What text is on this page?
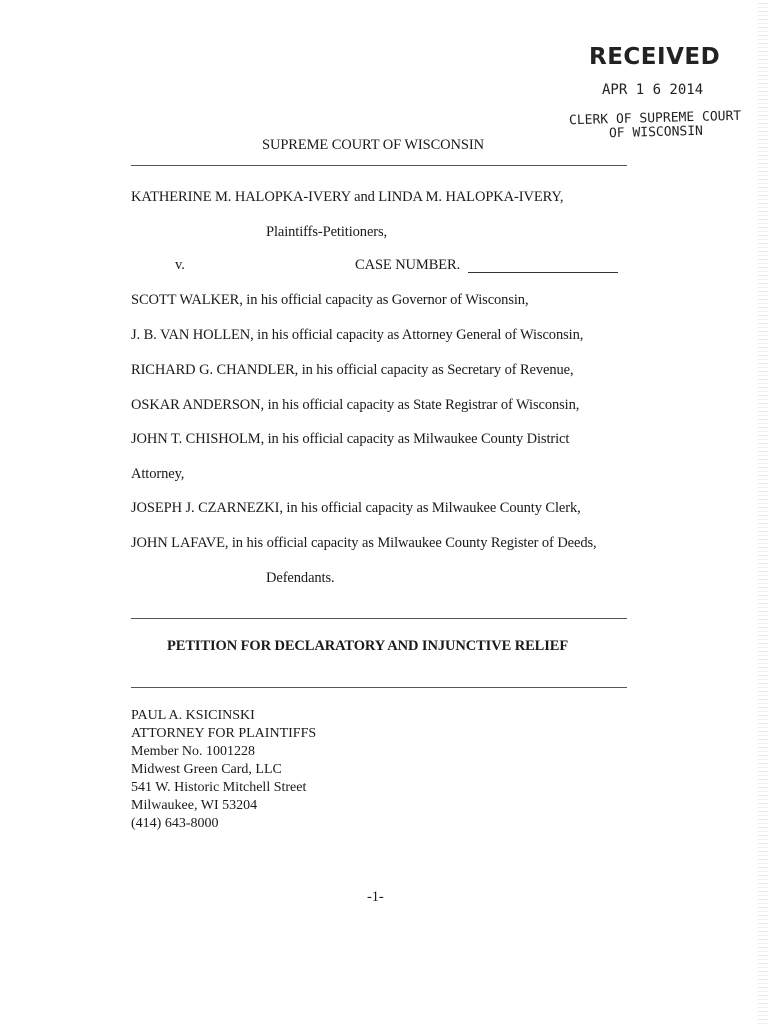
RECEIVED
APR 1 6 2014
CLERK OF SUPREME COURT
OF WISCONSIN
SUPREME COURT OF WISCONSIN
KATHERINE M. HALOPKA-IVERY and LINDA M. HALOPKA-IVERY,
Plaintiffs-Petitioners,
v.	CASE NUMBER.
SCOTT WALKER, in his official capacity as Governor of Wisconsin,
J. B. VAN HOLLEN, in his official capacity as Attorney General of Wisconsin,
RICHARD G. CHANDLER, in his official capacity as Secretary of Revenue,
OSKAR ANDERSON, in his official capacity as State Registrar of Wisconsin,
JOHN T. CHISHOLM, in his official capacity as Milwaukee County District
Attorney,
JOSEPH J. CZARNEZKI, in his official capacity as Milwaukee County Clerk,
JOHN LAFAVE, in his official capacity as Milwaukee County Register of Deeds,
Defendants.
PETITION FOR DECLARATORY AND INJUNCTIVE RELIEF
PAUL A. KSICINSKI
ATTORNEY FOR PLAINTIFFS
Member No. 1001228
Midwest Green Card, LLC
541 W. Historic Mitchell Street
Milwaukee, WI 53204
(414) 643-8000
-1-
